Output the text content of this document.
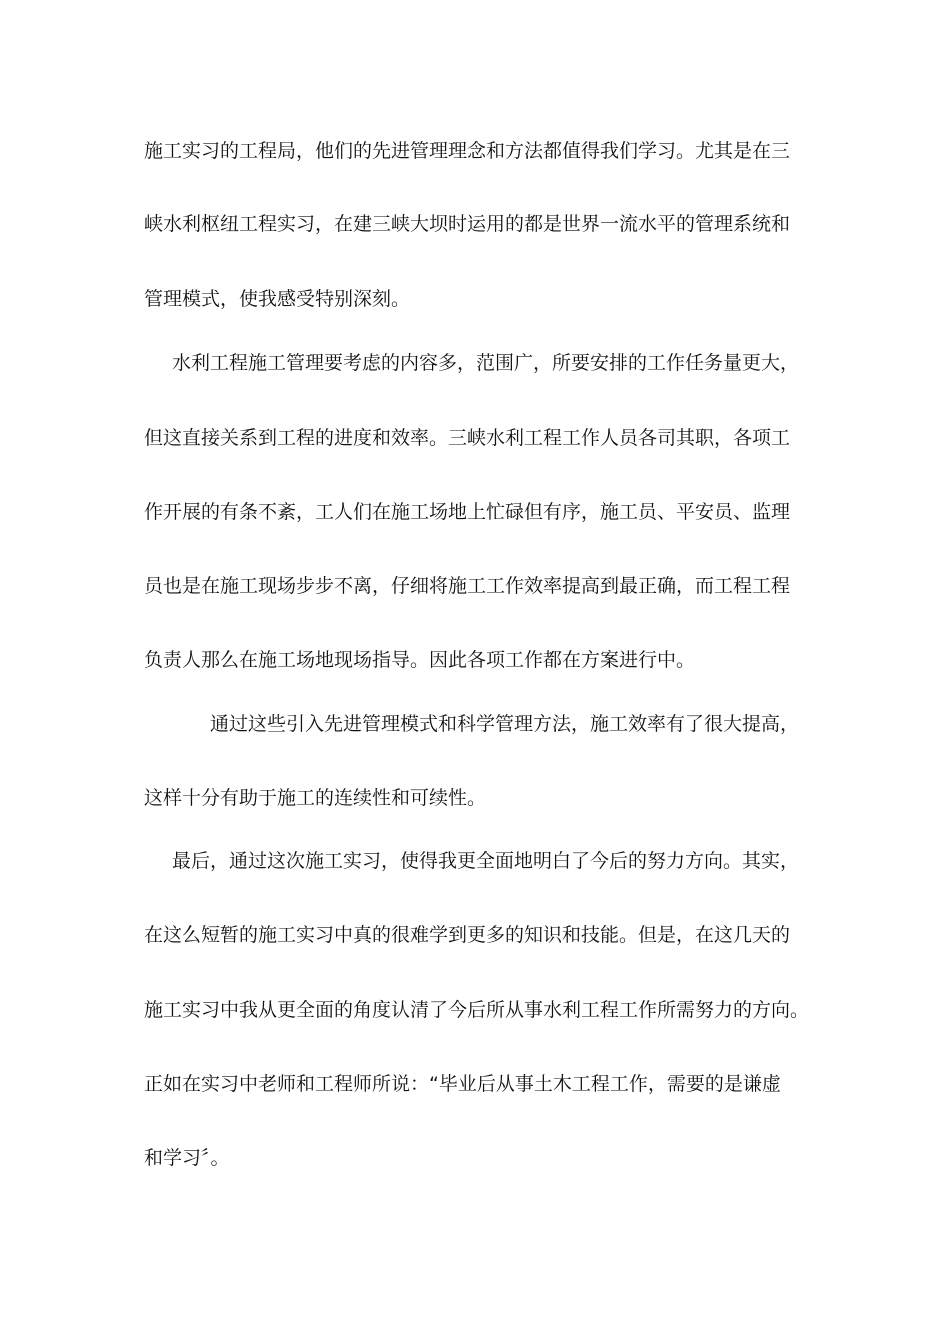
施工实习的工程局，他们的先进管理理念和方法都值得我们学习。尤其是在三
峡水利枢纽工程实习，在建三峡大坝时运用的都是世界一流水平的管理系统和
管理模式，使我感受特别深刻。
水利工程施工管理要考虑的内容多，范围广，所要安排的工作任务量更大，
但这直接关系到工程的进度和效率。三峡水利工程工作人员各司其职，各项工
作开展的有条不紊，工人们在施工场地上忙碌但有序，施工员、平安员、监理
员也是在施工现场步步不离，仔细将施工工作效率提高到最正确，而工程工程
负责人那么在施工场地现场指导。因此各项工作都在方案进行中。
通过这些引入先进管理模式和科学管理方法，施工效率有了很大提高，
这样十分有助于施工的连续性和可续性。
最后，通过这次施工实习，使得我更全面地明白了今后的努力方向。其实，
在这么短暂的施工实习中真的很难学到更多的知识和技能。但是，在这几天的
施工实习中我从更全面的角度认清了今后所从事水利工程工作所需努力的方向。
正如在实习中老师和工程师所说：“毕业后从事土木工程工作，需要的是谦虚
和学习〞。
